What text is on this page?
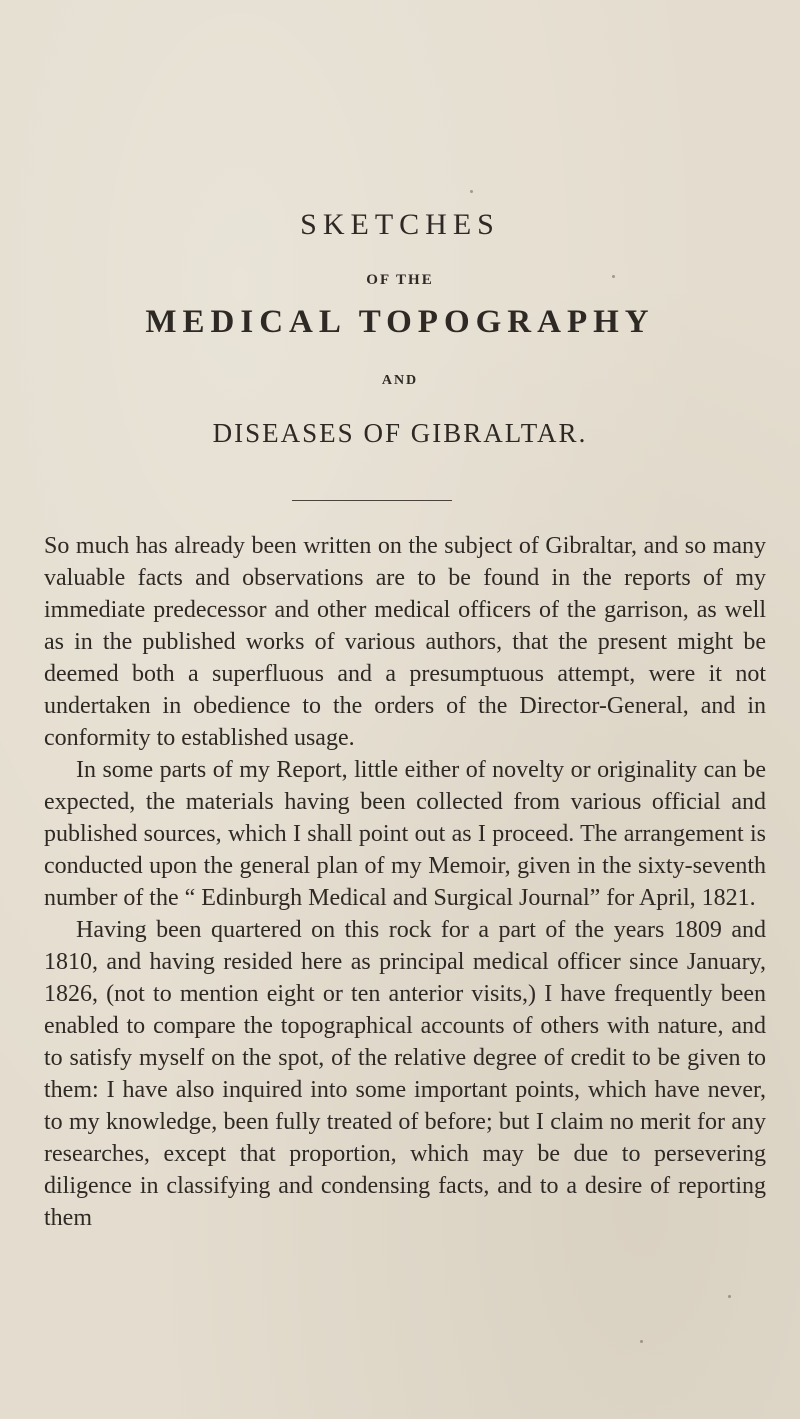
SKETCHES
OF THE
MEDICAL TOPOGRAPHY
AND
DISEASES OF GIBRALTAR.

So much has already been written on the subject of Gibraltar, and so many valuable facts and observations are to be found in the reports of my immediate predecessor and other medical officers of the garrison, as well as in the published works of various authors, that the present might be deemed both a superfluous and a presumptuous attempt, were it not undertaken in obedience to the orders of the Director-General, and in conformity to established usage.

In some parts of my Report, little either of novelty or originality can be expected, the materials having been collected from various official and published sources, which I shall point out as I proceed. The arrangement is conducted upon the general plan of my Memoir, given in the sixty-seventh number of the “ Edinburgh Medical and Surgical Journal” for April, 1821.

Having been quartered on this rock for a part of the years 1809 and 1810, and having resided here as principal medical officer since January, 1826, (not to mention eight or ten anterior visits,) I have frequently been enabled to compare the topographical accounts of others with nature, and to satisfy myself on the spot, of the relative degree of credit to be given to them: I have also inquired into some important points, which have never, to my knowledge, been fully treated of before; but I claim no merit for any researches, except that proportion, which may be due to persevering diligence in classifying and condensing facts, and to a desire of reporting them
